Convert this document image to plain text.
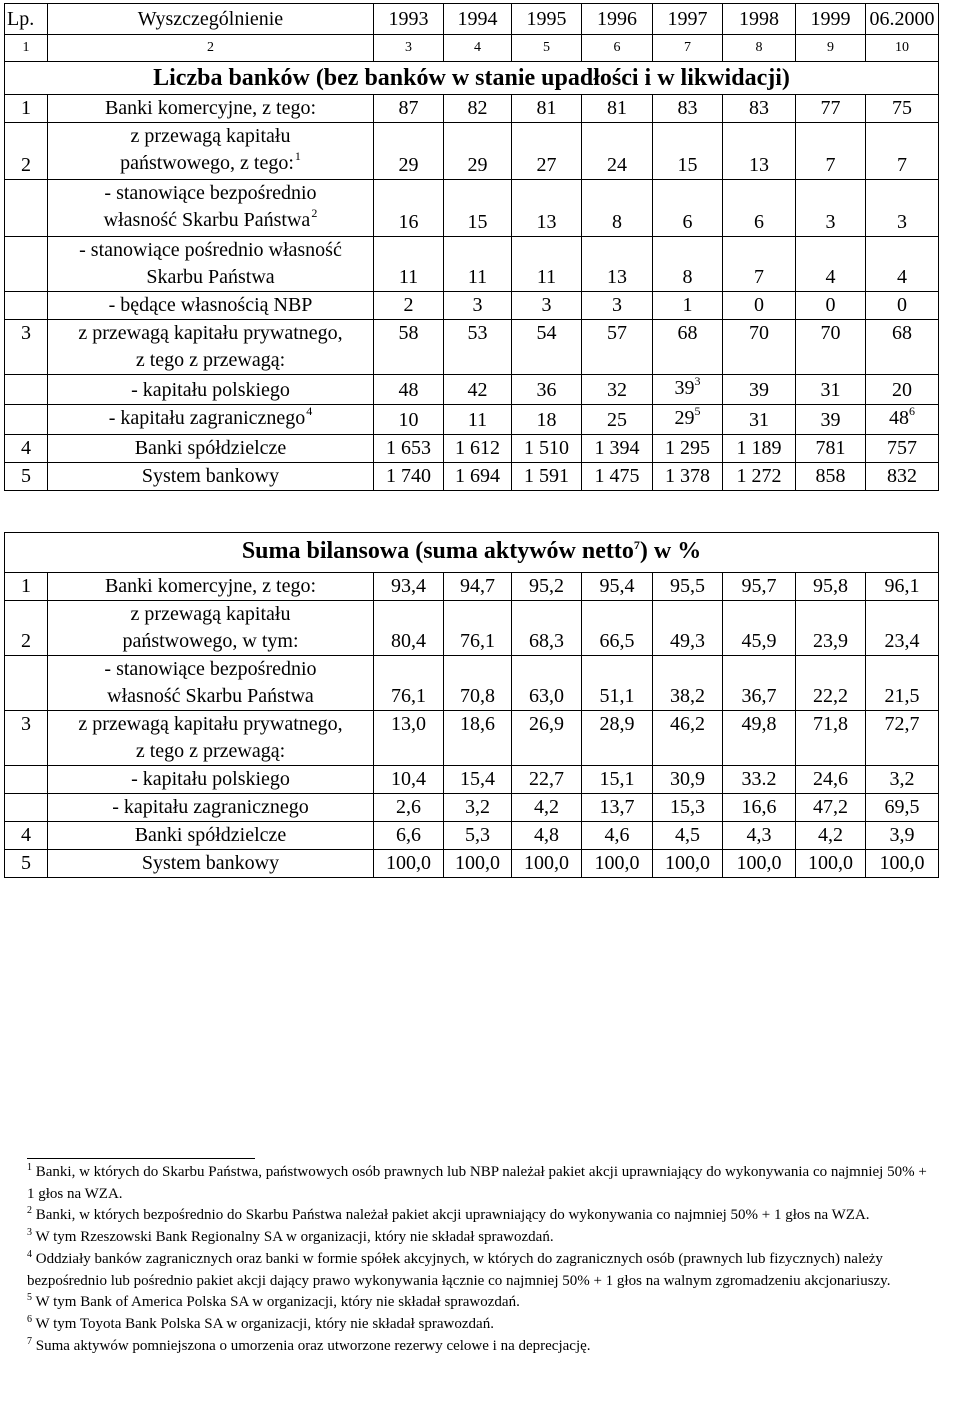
Lp.	Wyszczególnienie	1993	1994	1995	1996	1997	1998	1999	06.2000
1	2	3	4	5	6	7	8	9	10
Liczba banków (bez banków w stanie upadłości i w likwidacji)									
1	Banki komercyjne, z tego:	87	82	81	81	83	83	77	75
2	z przewagą kapitału
państwowego, z tego:$^1$	29	29	27	24	15	13	7	7
	- stanowiące bezpośrednio
własność Skarbu Państwa$^2$	16	15	13	8	6	6	3	3
	- stanowiące pośrednio własność
Skarbu Państwa	11	11	11	13	8	7	4	4
	- będące własnością NBP	2	3	3	3	1	0	0	0
3	z przewagą kapitału prywatnego,
z tego z przewagą:	58	53	54	57	68	70	70	68
	- kapitału polskiego	48	42	36	32	$39^3$	39	31	20
	- kapitału zagranicznego$^4$	10	11	18	25	$29^5$	31	39	$48^6$
4	Banki spółdzielcze	1 653	1 612	1 510	1 394	1 295	1 189	781	757
5	System bankowy	1 740	1 694	1 591	1 475	1 378	1 272	858	832
Suma bilansowa (suma aktywów netto$^7$) w %									
1	Banki komercyjne, z tego:	93,4	94,7	95,2	95,4	95,5	95,7	95,8	96,1
2	z przewagą kapitału
państwowego, w tym:	80,4	76,1	68,3	66,5	49,3	45,9	23,9	23,4
	- stanowiące bezpośrednio
własność Skarbu Państwa	76,1	70,8	63,0	51,1	38,2	36,7	22,2	21,5
3	z przewagą kapitału prywatnego,
z tego z przewagą:	13,0	18,6	26,9	28,9	46,2	49,8	71,8	72,7
	- kapitału polskiego	10,4	15,4	22,7	15,1	30,9	33.2	24,6	3,2
	- kapitału zagranicznego	2,6	3,2	4,2	13,7	15,3	16,6	47,2	69,5
4	Banki spółdzielcze	6,6	5,3	4,8	4,6	4,5	4,3	4,2	3,9
5	System bankowy	100,0	100,0	100,0	100,0	100,0	100,0	100,0	100,0

$^1$ Banki, w których do Skarbu Państwa, państwowych osób prawnych lub NBP należał pakiet akcji uprawniający do wykonywania co najmniej 50% + 1 głos na WZA.

$^2$ Banki, w których bezpośrednio do Skarbu Państwa należał pakiet akcji uprawniający do wykonywania co najmniej 50% + 1 głos na WZA.

$^3$ W tym Rzeszowski Bank Regionalny SA w organizacji, który nie składał sprawozdań.

$^4$ Oddziały banków zagranicznych oraz banki w formie spółek akcyjnych, w których do zagranicznych osób (prawnych lub fizycznych) należy bezpośrednio lub pośrednio pakiet akcji dający prawo wykonywania łącznie co najmniej 50% + 1 głos na walnym zgromadzeniu akcjonariuszy.

$^5$ W tym Bank of America Polska SA w organizacji, który nie składał sprawozdań.

$^6$ W tym Toyota Bank Polska SA w organizacji, który nie składał sprawozdań.

$^7$ Suma aktywów pomniejszona o umorzenia oraz utworzone rezerwy celowe i na deprecjację.
